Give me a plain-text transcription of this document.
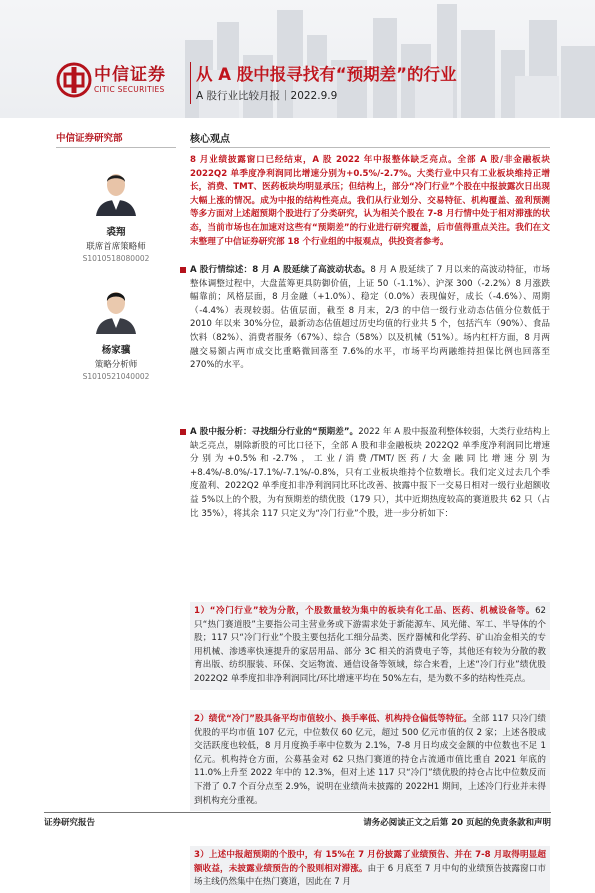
中信证券
CITIC SECURITIES
从 A 股中报寻找有“预期差”的行业
A 股行业比较月报｜2022.9.9
中信证券研究部
裘翔
联席首席策略师
S1010518080002
杨家骥
策略分析师
S1010521040002
核心观点
8 月业绩披露窗口已经结束，A 股 2022 年中报整体缺乏亮点。全部 A 股/非金融板块 2022Q2 单季度净利润同比增速分别为+0.5%/-2.7%。大类行业中只有工业板块维持正增长，消费、TMT、医药板块均明显承压；但结构上，部分“冷门行业”个股在中报披露次日出现大幅上涨的情况。成为中报的结构性亮点。我们从行业划分、交易特征、机构覆盖、盈利预测等多方面对上述超预期个股进行了分类研究，认为相关个股在 7-8 月行情中处于相对滞涨的状态，当前市场也在加速对这些有“预期差”的行业进行研究覆盖，后市值得重点关注。我们在文末整理了中信证券研究部 18 个行业组的中报观点，供投资者参考。
A 股行情综述：8 月 A 股延续了高波动状态。8 月 A 股延续了 7 月以来的高波动特征，市场整体调整过程中，大盘蓝筹更具防御价值，上证 50（-1.1%）、沪深 300（-2.2%）8 月涨跌幅靠前；风格层面，8 月金融（+1.0%）、稳定（0.0%）表现偏好，成长（-4.6%）、周期（-4.4%）表现较弱。估值层面，截至 8 月末，2/3 的中信一级行业动态估值分位数低于 2010 年以来 30%分位，最新动态估值超过历史均值的行业共 5 个，包括汽车（90%）、食品饮料（82%）、消费者服务（67%）、综合（58%）以及机械（51%）。场内杠杆方面，8 月两融交易额占两市成交比重略微回落至 7.6%的水平，市场平均两融维持担保比例也回落至 270%的水平。
A 股中报分析：寻找细分行业的“预期差”。2022 年 A 股中报盈利整体较弱，大类行业结构上缺乏亮点，剔除新股的可比口径下，全部 A 股和非金融板块 2022Q2 单季度净利润同比增速分别为+0.5%和-2.7%，工业/消费/TMT/医药/大金融同比增速分别为+8.4%/-8.0%/-17.1%/-7.1%/-0.8%，只有工业板块维持个位数增长。我们定义过去几个季度盈利、2022Q2 单季度扣非净利润同比环比改善、披露中报下一交易日相对一级行业超额收益 5%以上的个股，为有预期差的绩优股（179 只），其中近期热度较高的赛道股共 62 只（占比 35%），将其余 117 只定义为“冷门行业”个股，进一步分析如下：
1）“冷门行业”较为分散，个股数量较为集中的板块有化工品、医药、机械设备等。62 只“热门赛道股”主要指公司主营业务或下游需求处于新能源车、风光储、军工、半导体的个股；117 只“冷门行业”个股主要包括化工细分品类、医疗器械和化学药、矿山冶金相关的专用机械、渗透率快速提升的家居用品、部分 3C 相关的消费电子等，其他还有较为分散的教育出版、纺织服装、环保、交运物流、通信设备等领域，综合来看，上述“冷门行业”绩优股 2022Q2 单季度扣非净利润同比/环比增速平均在 50%左右，是为数不多的结构性亮点。
2）绩优“冷门”股具备平均市值较小、换手率低、机构持仓偏低等特征。全部 117 只冷门绩优股的平均市值 107 亿元，中位数仅 60 亿元，超过 500 亿元市值的仅 2 家；上述各股成交活跃度也较低，8 月月度换手率中位数为 2.1%，7-8 月日均成交金额的中位数也不足 1 亿元。机构持仓方面，公募基金对 62 只热门赛道的持仓占流通市值比重自 2021 年底的 11.0%上升至 2022 年中的 12.3%，但对上述 117 只“冷门”绩优股的持仓占比中位数反而下滑了 0.7 个百分点至 2.9%，说明在业绩尚未披露的 2022H1 期间，上述冷门行业并未得到机构充分重视。
3）上述中报超预期的个股中，有 15%在 7 月份披露了业绩预告、并在 7-8 月取得明显超额收益，未披露业绩预告的个股则相对滞涨。由于 6 月底至 7 月中旬的业绩预告披露窗口市场主线仍然集中在热门赛道，因此在 7 月
证券研究报告	请务必阅读正文之后第 20 页起的免责条款和声明
